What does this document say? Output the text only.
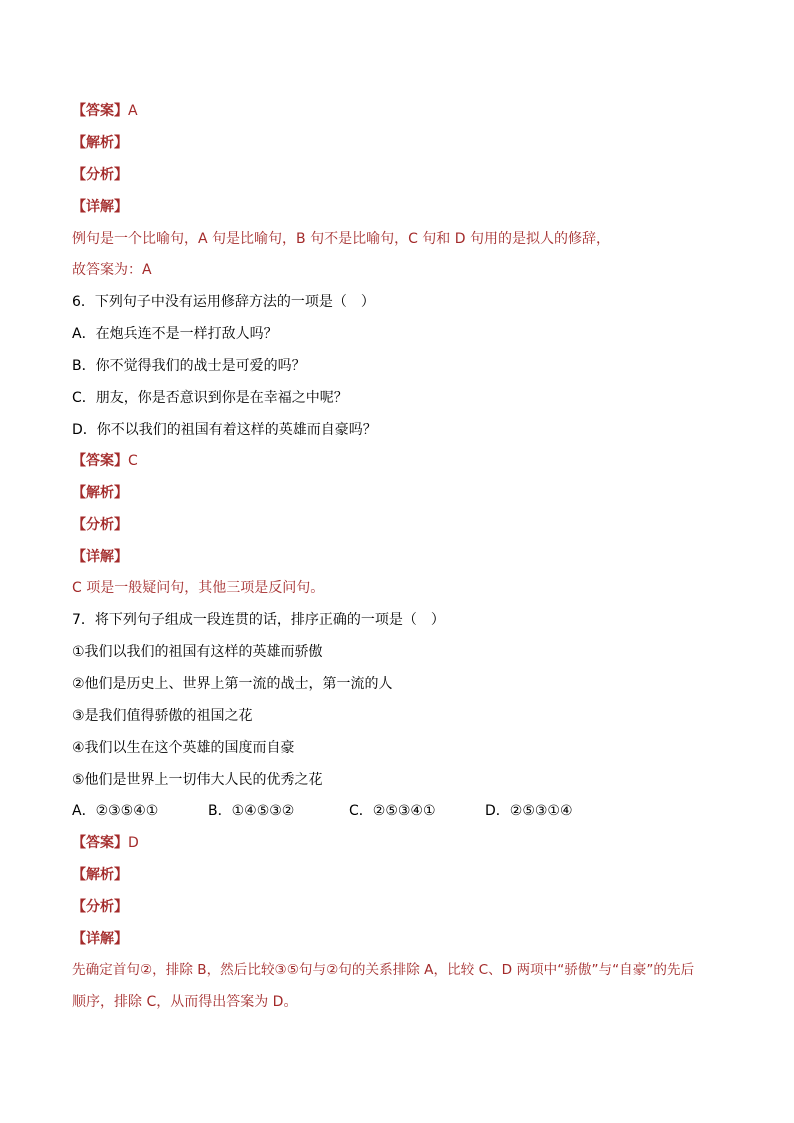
【答案】A
【解析】
【分析】
【详解】
例句是一个比喻句，A 句是比喻句，B 句不是比喻句，C 句和 D 句用的是拟人的修辞，
故答案为：A
6．下列句子中没有运用修辞方法的一项是（　）
A．在炮兵连不是一样打敌人吗？
B．你不觉得我们的战士是可爱的吗？
C．朋友，你是否意识到你是在幸福之中呢？
D．你不以我们的祖国有着这样的英雄而自豪吗？
【答案】C
【解析】
【分析】
【详解】
C 项是一般疑问句，其他三项是反问句。
7．将下列句子组成一段连贯的话，排序正确的一项是（　）
①我们以我们的祖国有这样的英雄而骄傲
②他们是历史上、世界上第一流的战士，第一流的人
③是我们值得骄傲的祖国之花
④我们以生在这个英雄的国度而自豪
⑤他们是世界上一切伟大人民的优秀之花
A．②③⑤④①	B．①④⑤③②	C．②⑤③④①	D．②⑤③①④
【答案】D
【解析】
【分析】
【详解】
先确定首句②，排除 B，然后比较③⑤句与②句的关系排除 A，比较 C、D 两项中“骄傲”与“自豪”的先后
顺序，排除 C，从而得出答案为 D。
